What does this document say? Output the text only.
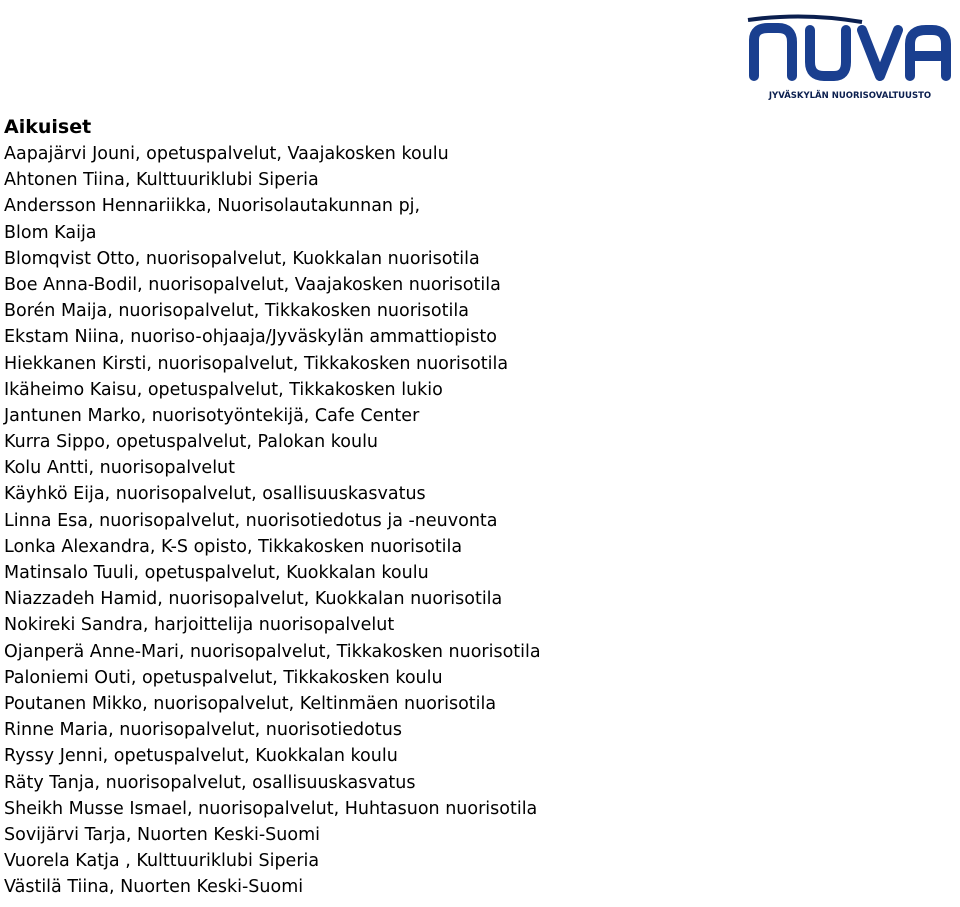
JYVÄSKYLÄN NUORISOVALTUUSTO
Aikuiset
Aapajärvi Jouni, opetuspalvelut, Vaajakosken koulu
Ahtonen Tiina, Kulttuuriklubi Siperia
Andersson Hennariikka, Nuorisolautakunnan pj,
Blom Kaija
Blomqvist Otto, nuorisopalvelut, Kuokkalan nuorisotila
Boe Anna-Bodil, nuorisopalvelut, Vaajakosken nuorisotila
Borén Maija, nuorisopalvelut, Tikkakosken nuorisotila
Ekstam Niina, nuoriso-ohjaaja/Jyväskylän ammattiopisto
Hiekkanen Kirsti, nuorisopalvelut, Tikkakosken nuorisotila
Ikäheimo Kaisu, opetuspalvelut, Tikkakosken lukio
Jantunen Marko, nuorisotyöntekijä, Cafe Center
Kurra Sippo, opetuspalvelut, Palokan koulu
Kolu Antti, nuorisopalvelut
Käyhkö Eija, nuorisopalvelut, osallisuuskasvatus
Linna Esa, nuorisopalvelut, nuorisotiedotus ja -neuvonta
Lonka Alexandra, K-S opisto, Tikkakosken nuorisotila
Matinsalo Tuuli, opetuspalvelut, Kuokkalan koulu
Niazzadeh Hamid, nuorisopalvelut, Kuokkalan nuorisotila
Nokireki Sandra, harjoittelija nuorisopalvelut
Ojanperä Anne-Mari, nuorisopalvelut, Tikkakosken nuorisotila
Paloniemi Outi, opetuspalvelut, Tikkakosken koulu
Poutanen Mikko, nuorisopalvelut, Keltinmäen nuorisotila
Rinne Maria, nuorisopalvelut, nuorisotiedotus
Ryssy Jenni, opetuspalvelut, Kuokkalan koulu
Räty Tanja, nuorisopalvelut, osallisuuskasvatus
Sheikh Musse Ismael, nuorisopalvelut, Huhtasuon nuorisotila
Sovijärvi Tarja, Nuorten Keski-Suomi
Vuorela Katja , Kulttuuriklubi Siperia
Västilä Tiina, Nuorten Keski-Suomi
